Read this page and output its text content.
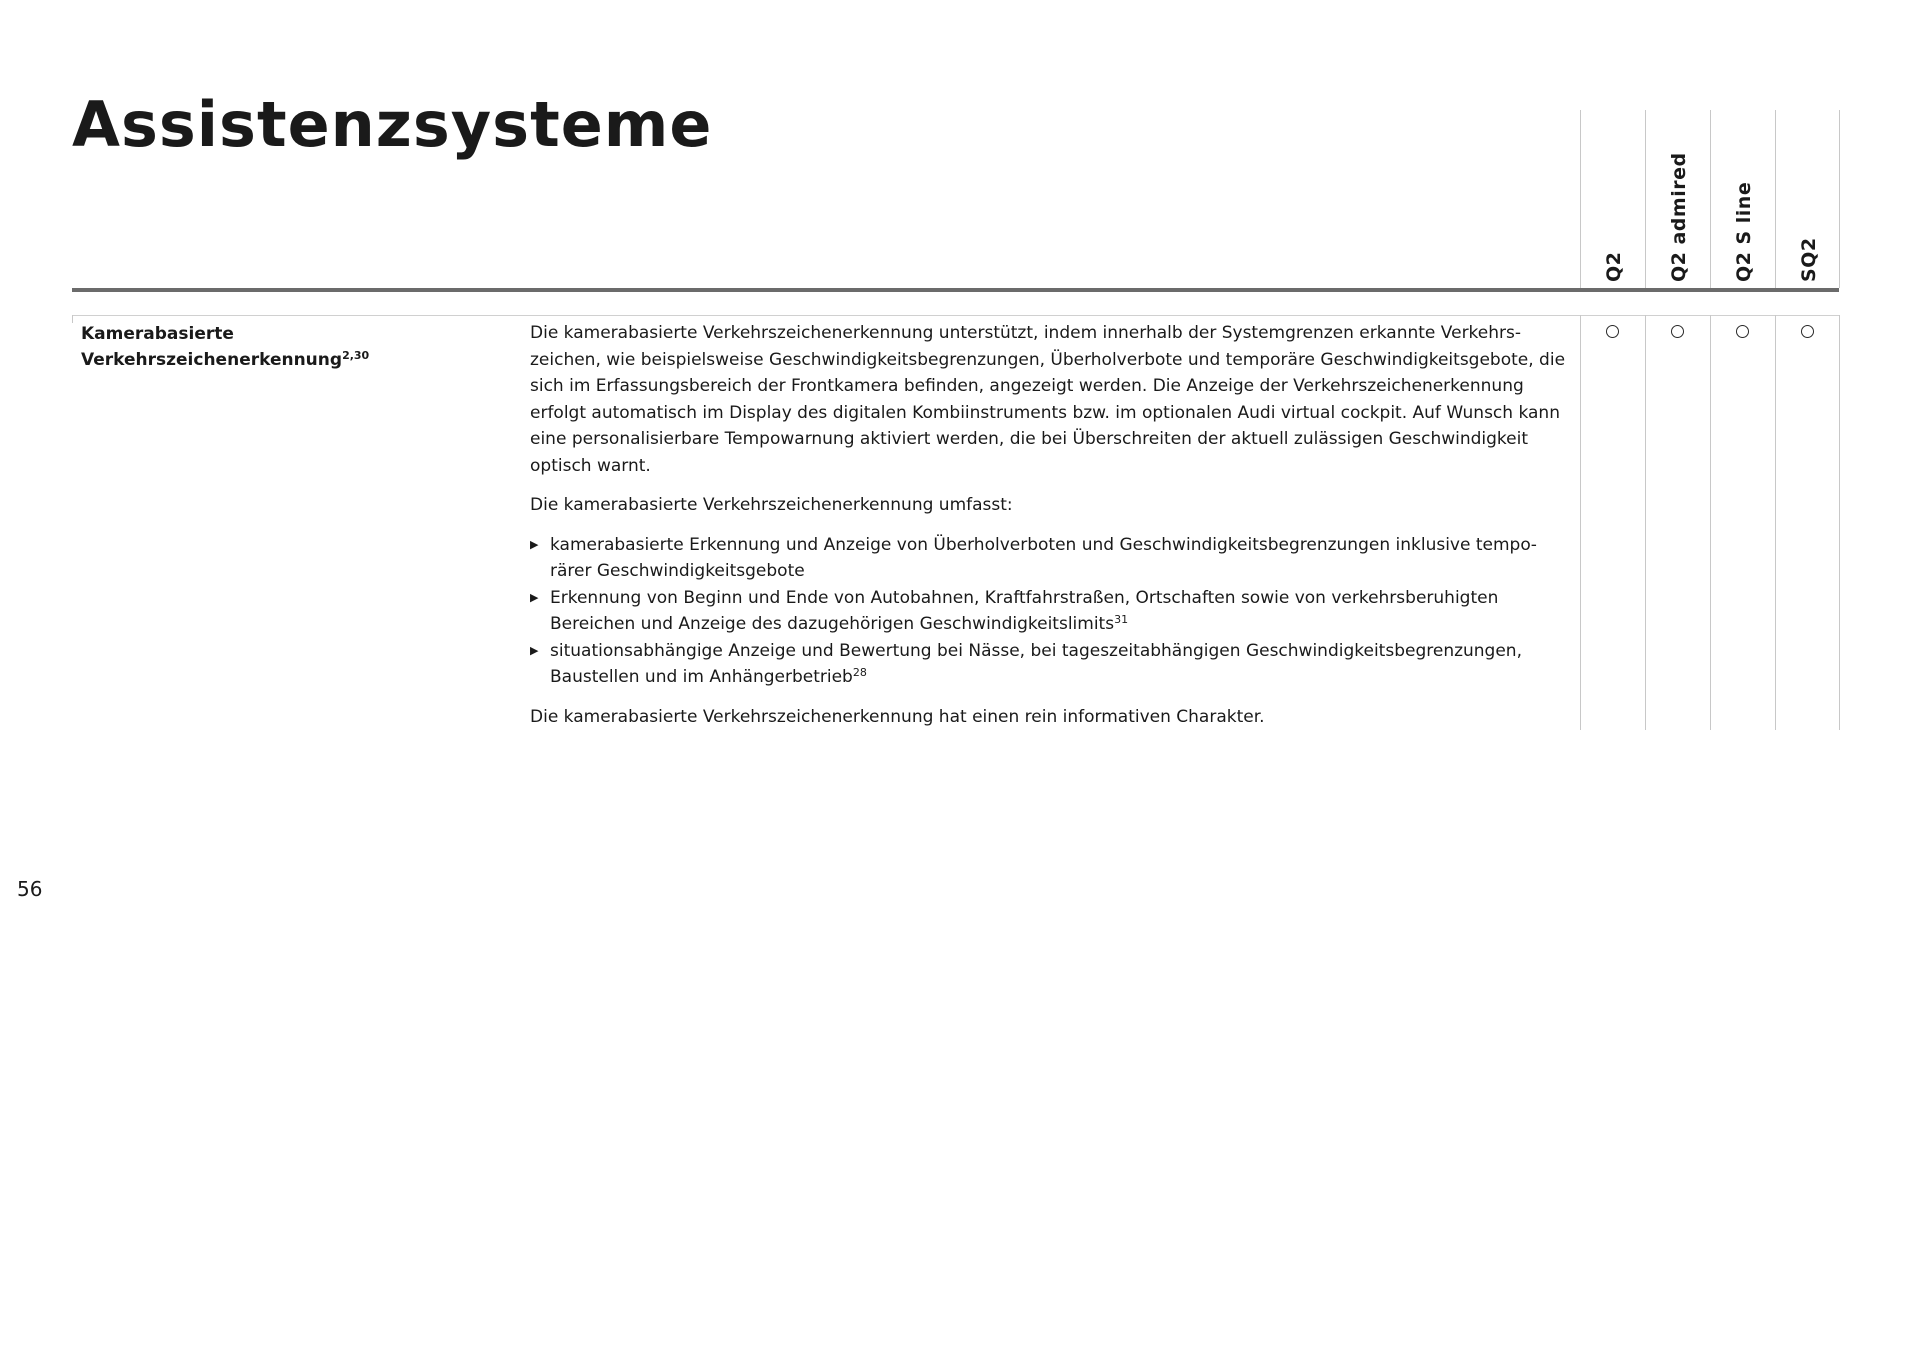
Assistenzsysteme
Q2 Q2 admired Q2 S line SQ2
Kamerabasierte Verkehrszeichenerkennung$^{2,30}$

Die kamerabasierte Verkehrszeichenerkennung unterstützt, indem innerhalb der Systemgrenzen erkannte Verkehrszeichen, wie beispielsweise Geschwindigkeitsbegrenzungen, Überholverbote und temporäre Geschwindigkeitsgebote, die sich im Erfassungsbereich der Frontkamera befinden, angezeigt werden. Die Anzeige der Verkehrszeichenerkennung erfolgt automatisch im Display des digitalen Kombiinstruments bzw. im optionalen Audi virtual cockpit. Auf Wunsch kann eine personalisierbare Tempowarnung aktiviert werden, die bei Überschreiten der aktuell zulässigen Geschwindigkeit optisch warnt.

Die kamerabasierte Verkehrszeichenerkennung umfasst:

▶ kamerabasierte Erkennung und Anzeige von Überholverboten und Geschwindigkeitsbegrenzungen inklusive temporärer Geschwindigkeitsgebote
▶ Erkennung von Beginn und Ende von Autobahnen, Kraftfahrstraßen, Ortschaften sowie von verkehrsberuhigten Bereichen und Anzeige des dazugehörigen Geschwindigkeitslimits$^{31}$
▶ situationsabhängige Anzeige und Bewertung bei Nässe, bei tageszeitabhängigen Geschwindigkeitsbegrenzungen, Baustellen und im Anhängerbetrieb$^{28}$

Die kamerabasierte Verkehrszeichenerkennung hat einen rein informativen Charakter.

56
